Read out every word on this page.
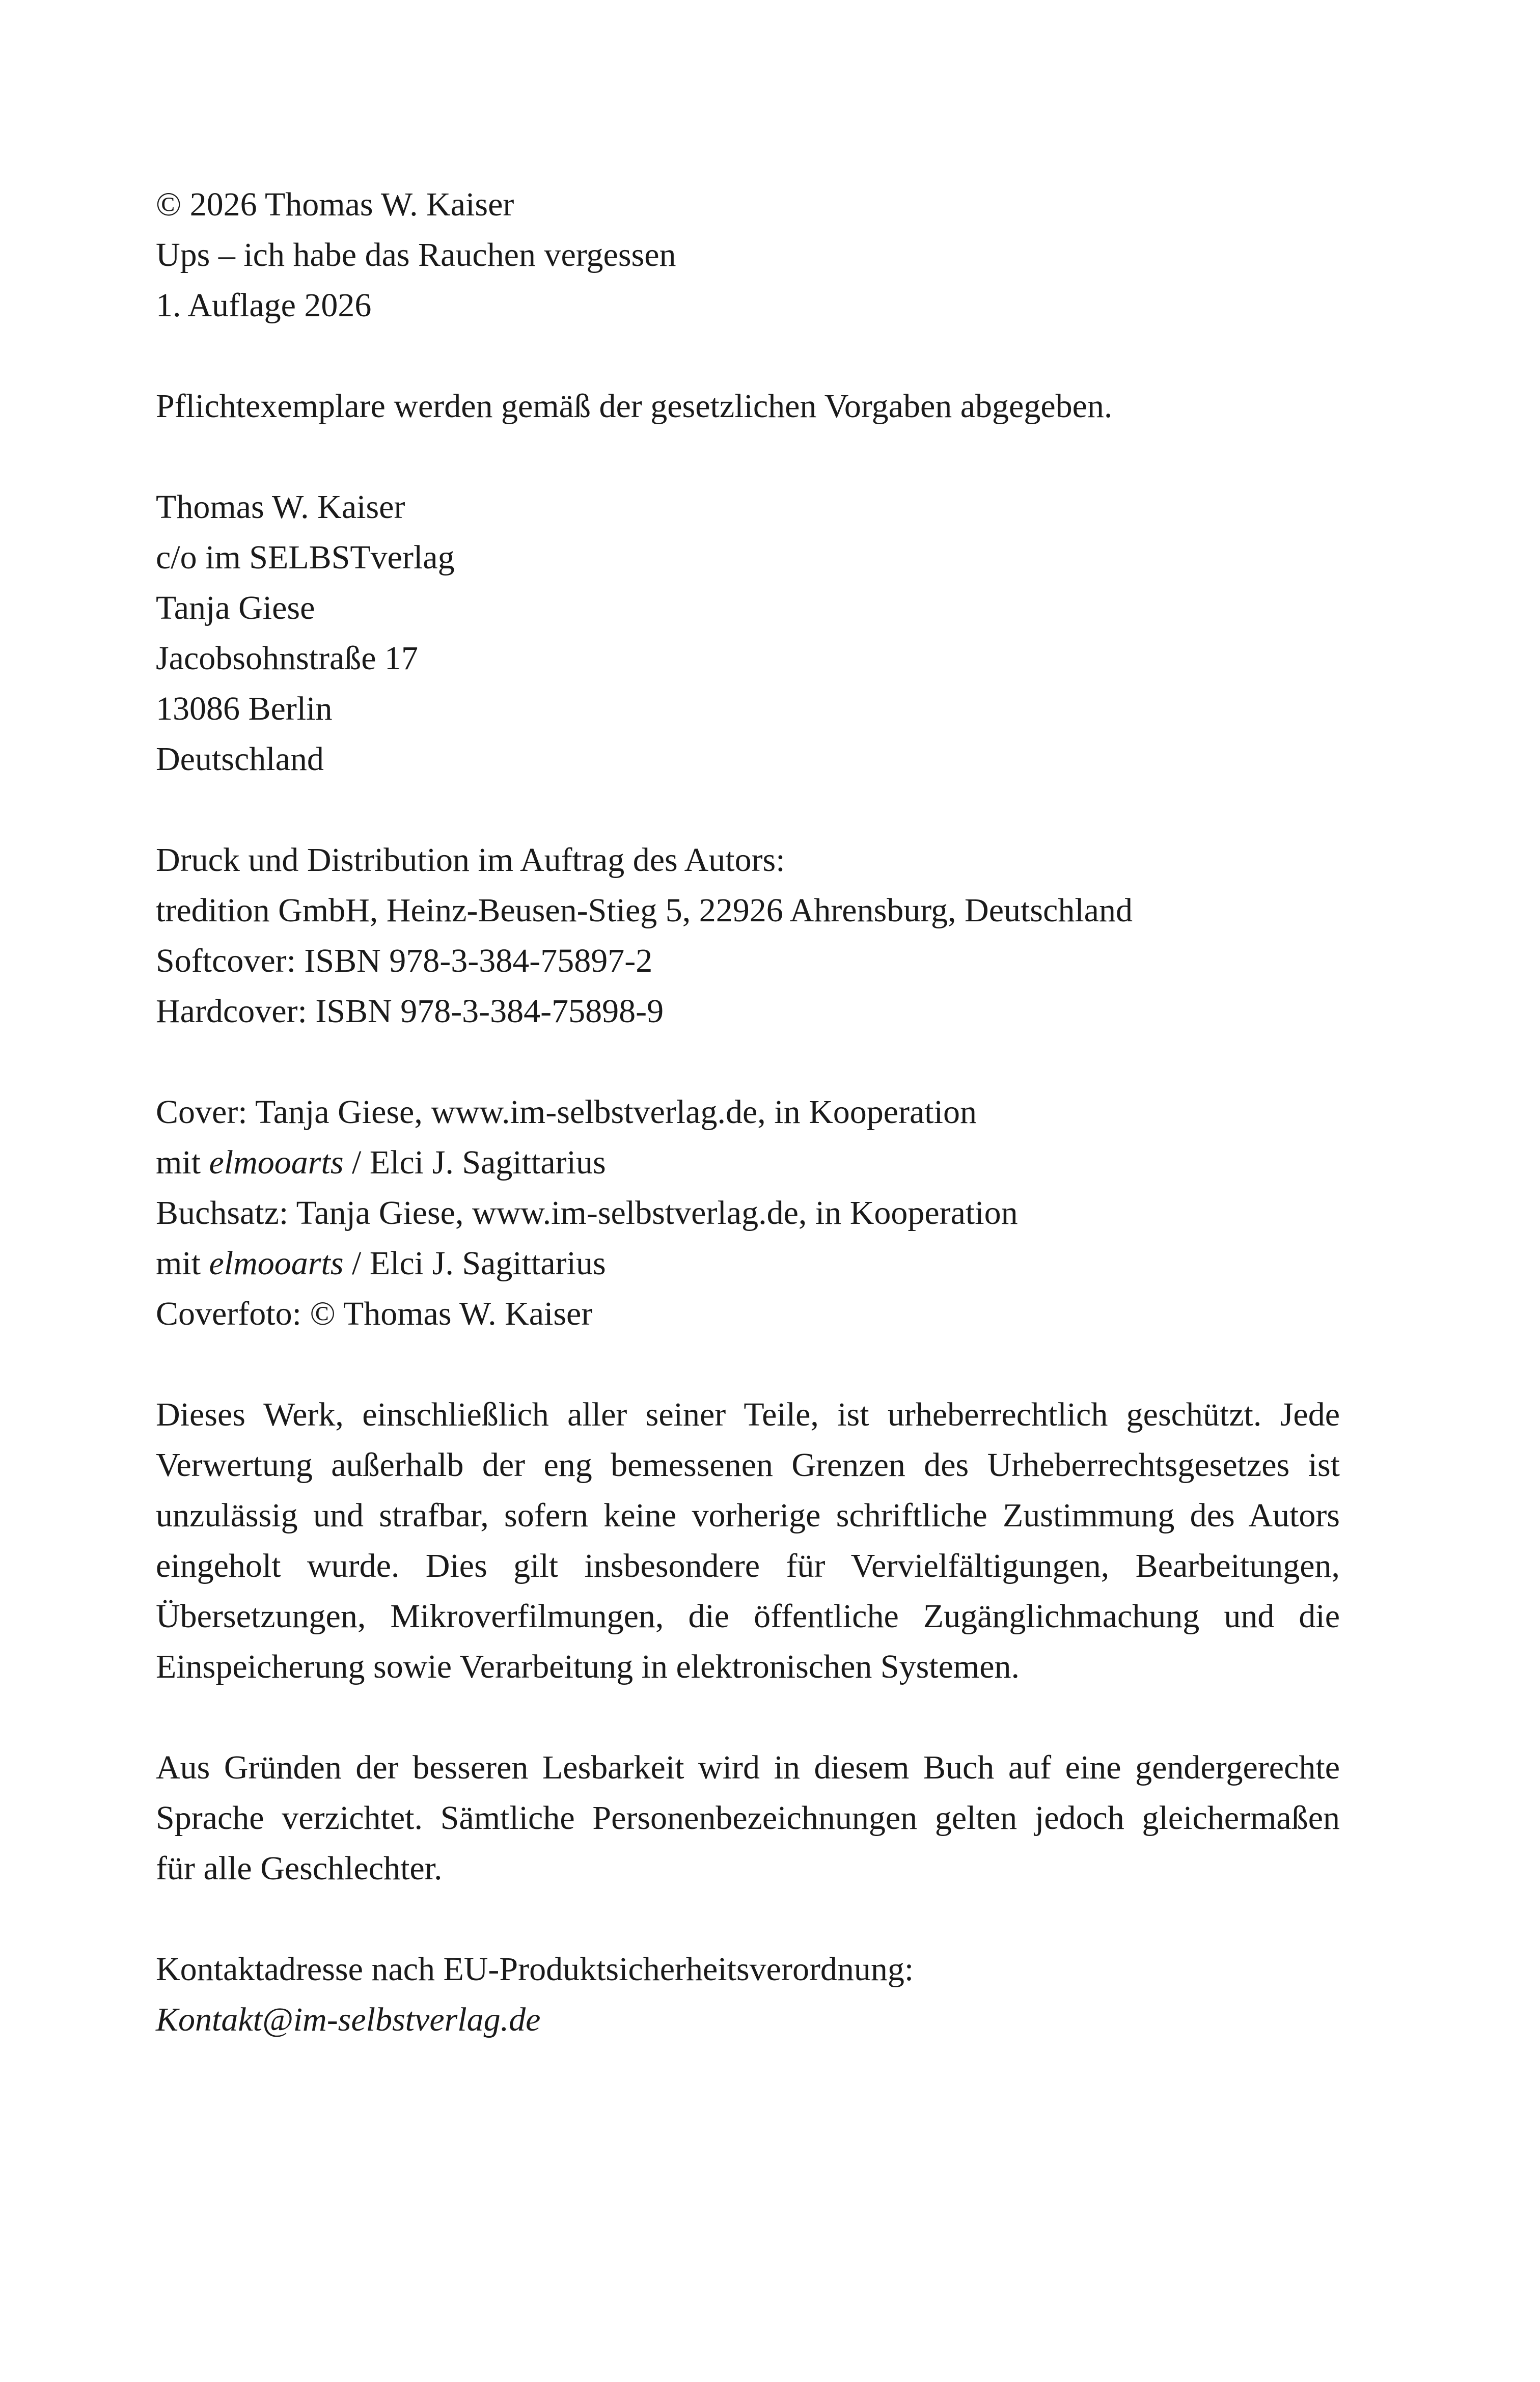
© 2026 Thomas W. Kaiser
Ups – ich habe das Rauchen vergessen
1. Auflage 2026
Pflichtexemplare werden gemäß der gesetzlichen Vorgaben abgegeben.
Thomas W. Kaiser
c/o im SELBSTverlag
Tanja Giese
Jacobsohnstraße 17
13086 Berlin
Deutschland
Druck und Distribution im Auftrag des Autors:
tredition GmbH, Heinz-Beusen-Stieg 5, 22926 Ahrensburg, Deutschland
Softcover: ISBN 978-3-384-75897-2
Hardcover: ISBN 978-3-384-75898-9
Cover: Tanja Giese, www.im-selbstverlag.de, in Kooperation
mit elmooarts / Elci J. Sagittarius
Buchsatz: Tanja Giese, www.im-selbstverlag.de, in Kooperation
mit elmooarts / Elci J. Sagittarius
Coverfoto: © Thomas W. Kaiser
Dieses Werk, einschließlich aller seiner Teile, ist urheberrechtlich geschützt. Jede
Verwertung außerhalb der eng bemessenen Grenzen des Urheberrechtsgesetzes ist
unzulässig und strafbar, sofern keine vorherige schriftliche Zustimmung des Autors
eingeholt wurde. Dies gilt insbesondere für Vervielfältigungen, Bearbeitungen,
Übersetzungen, Mikroverfilmungen, die öffentliche Zugänglichmachung und die
Einspeicherung sowie Verarbeitung in elektronischen Systemen.
Aus Gründen der besseren Lesbarkeit wird in diesem Buch auf eine gendergerechte
Sprache verzichtet. Sämtliche Personenbezeichnungen gelten jedoch gleichermaßen
für alle Geschlechter.
Kontaktadresse nach EU-Produktsicherheitsverordnung:
Kontakt@im-selbstverlag.de
